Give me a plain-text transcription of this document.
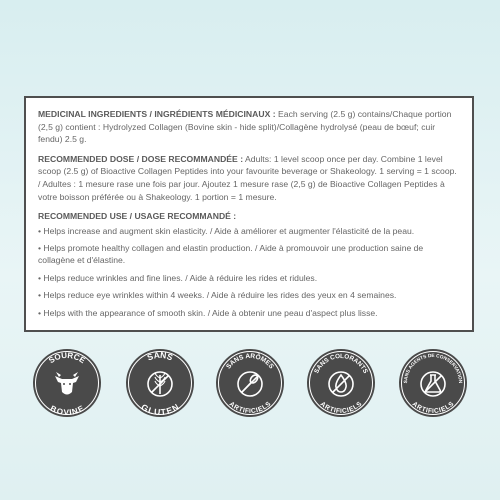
MEDICINAL INGREDIENTS / INGRÉDIENTS MÉDICINAUX : Each serving (2.5 g) contains/Chaque portion (2,5 g) contient : Hydrolyzed Collagen (Bovine skin - hide split)/Collagène hydrolysé (peau de bœuf; cuir fendu) 2.5 g.

RECOMMENDED DOSE / DOSE RECOMMANDÉE : Adults: 1 level scoop once per day. Combine 1 level scoop (2.5 g) of Bioactive Collagen Peptides into your favourite beverage or Shakeology. 1 serving = 1 scoop. / Adultes : 1 mesure rase une fois par jour. Ajoutez 1 mesure rase (2,5 g) de Bioactive Collagen Peptides à votre boisson préférée ou à Shakeology. 1 portion = 1 mesure.

RECOMMENDED USE / USAGE RECOMMANDÉ :

• Helps increase and augment skin elasticity. / Aide à améliorer et augmenter l'élasticité de la peau.
• Helps promote healthy collagen and elastin production. / Aide à promouvoir une production saine de collagène et d'élastine.
• Helps reduce wrinkles and fine lines. / Aide à réduire les rides et ridules.
• Helps reduce eye wrinkles within 4 weeks. / Aide à réduire les rides des yeux en 4 semaines.
• Helps with the appearance of smooth skin. / Aide à obtenir une peau d'aspect plus lisse.
SOURCE
BOVINE
SANS
GLUTEN
SANS ARÔMES
ARTIFICIELS
SANS COLORANTS
ARTIFICIELS
SANS AGENTS DE CONSERVATION
ARTIFICIELS
